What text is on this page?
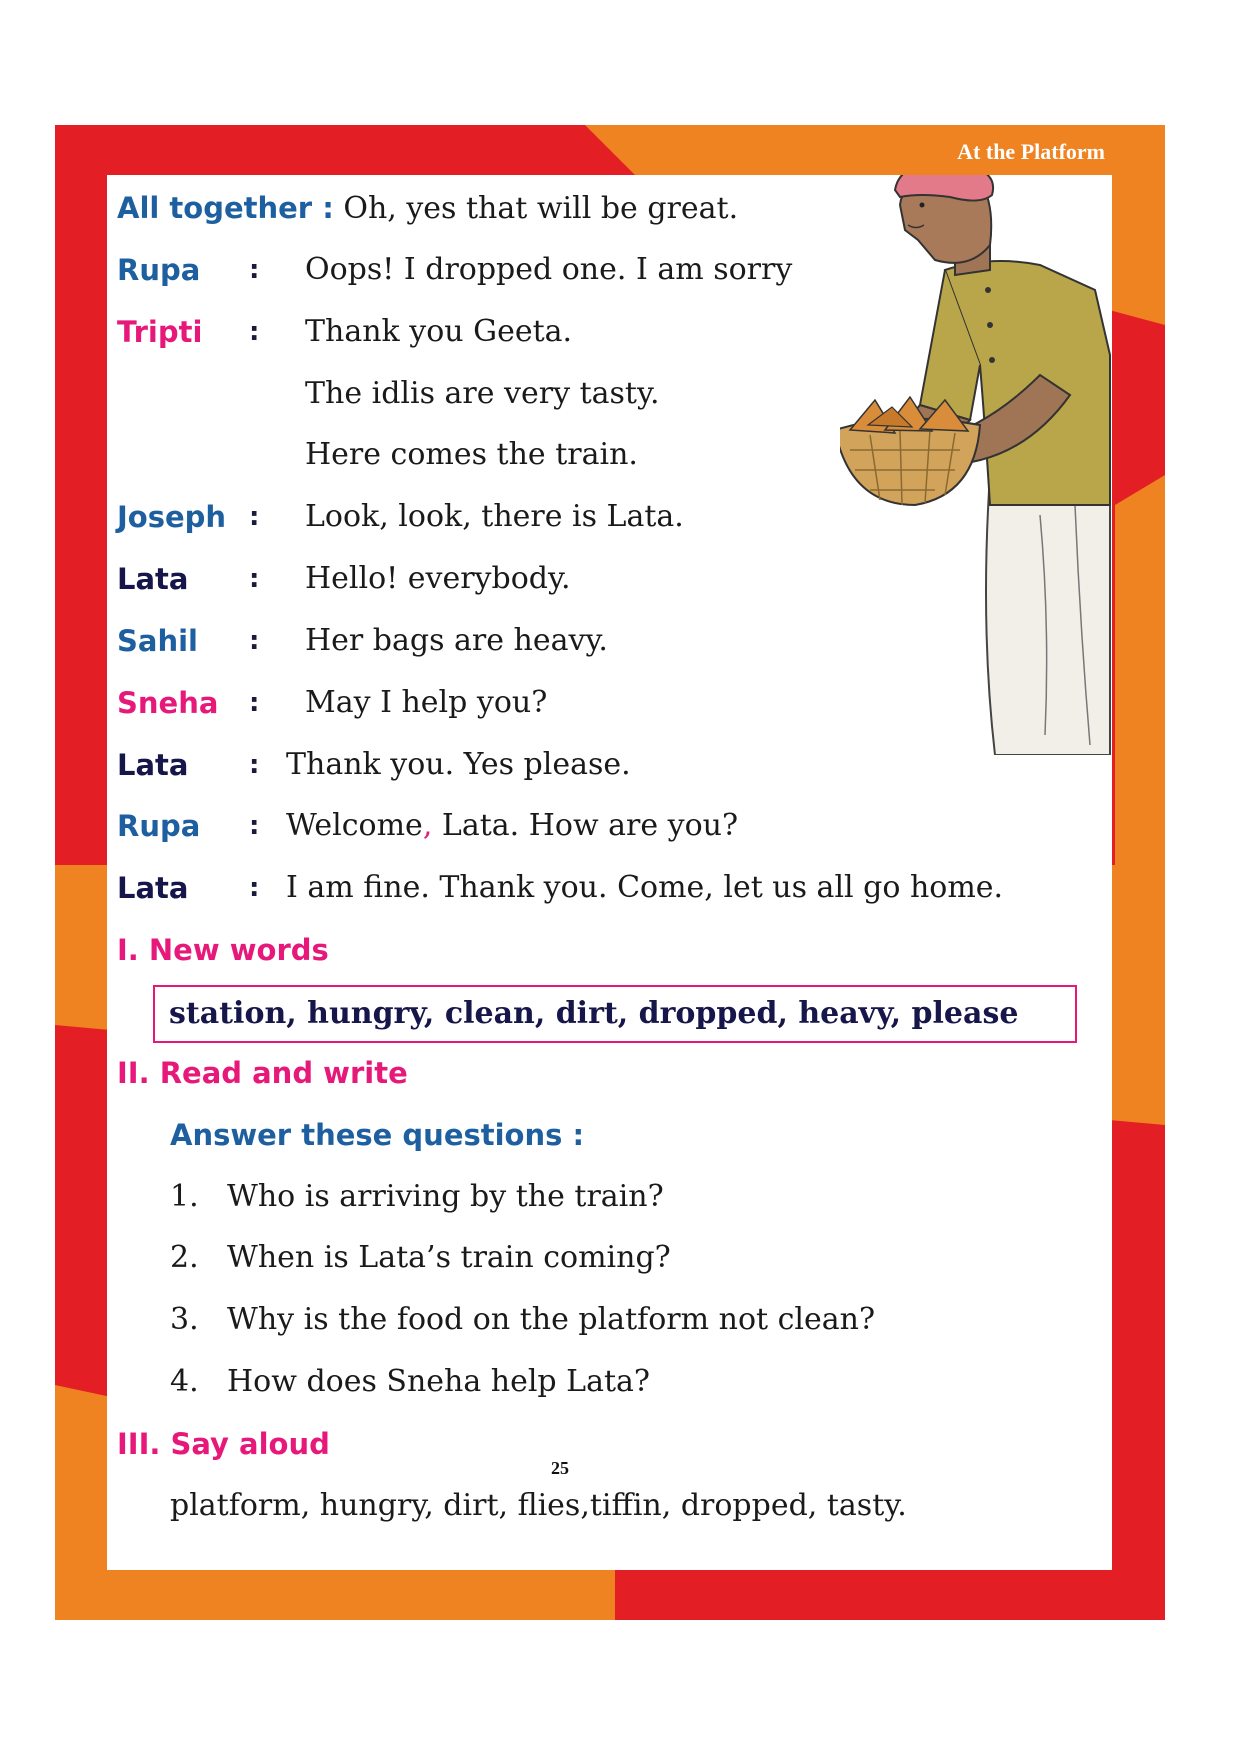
At the Platform
All together : Oh, yes that will be great.
Rupa : Oops! I dropped one. I am sorry
Tripti : Thank you Geeta.
The idlis are very tasty.
Here comes the train.
Joseph : Look, look, there is Lata.
Lata : Hello! everybody.
Sahil : Her bags are heavy.
Sneha : May I help you?
Lata : Thank you. Yes please.
Rupa : Welcome, Lata. How are you?
Lata : I am fine. Thank you. Come, let us all go home.
I. New words
station, hungry, clean, dirt, dropped, heavy, please
II. Read and write
Answer these questions :
1. Who is arriving by the train?
2. When is Lata’s train coming?
3. Why is the food on the platform not clean?
4. How does Sneha help Lata?
III. Say aloud
platform, hungry, dirt, flies,tiffin, dropped, tasty.
25
